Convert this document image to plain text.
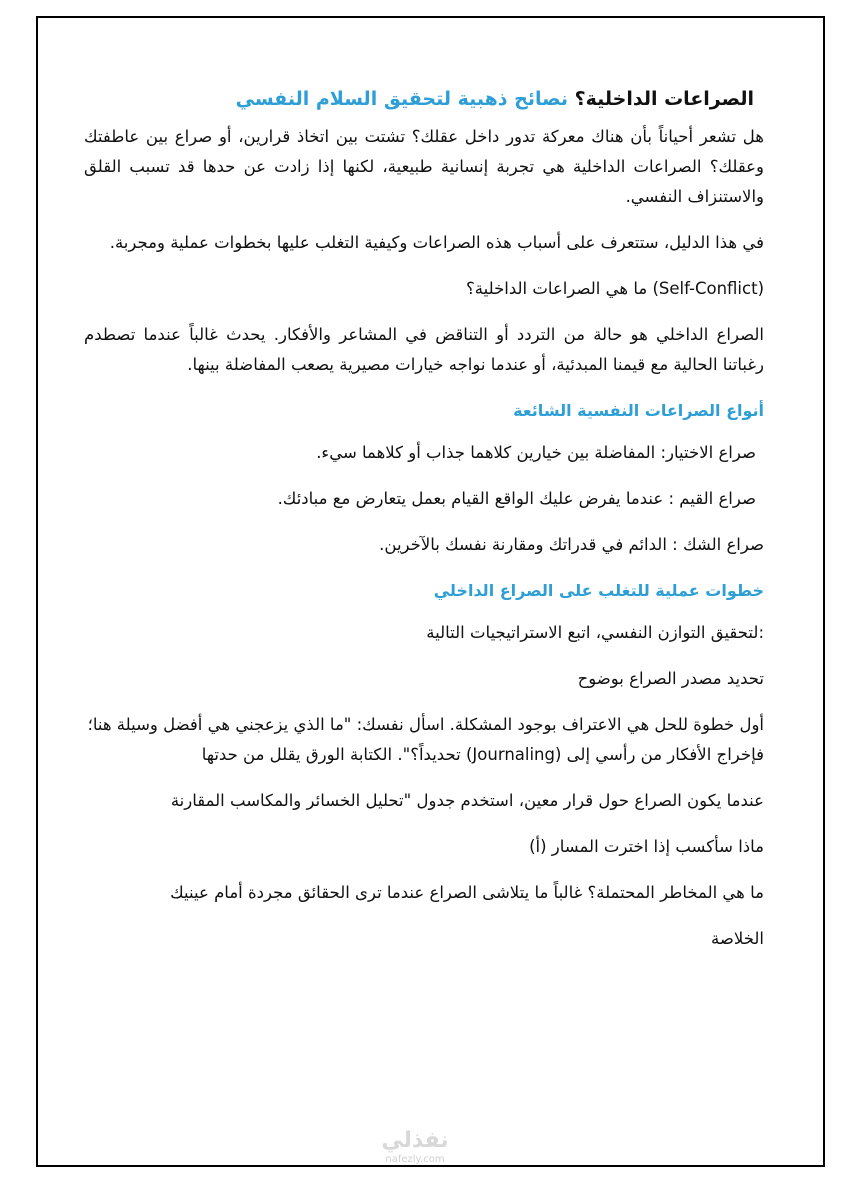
الصراعات الداخلية؟ نصائح ذهبية لتحقيق السلام النفسي

هل تشعر أحياناً بأن هناك معركة تدور داخل عقلك؟ تشتت بين اتخاذ قرارين، أو صراع بين عاطفتك وعقلك؟ الصراعات الداخلية هي تجربة إنسانية طبيعية، لكنها إذا زادت عن حدها قد تسبب القلق والاستنزاف النفسي.

في هذا الدليل، ستتعرف على أسباب هذه الصراعات وكيفية التغلب عليها بخطوات عملية ومجربة.

(Self-Conflict) ما هي الصراعات الداخلية؟

الصراع الداخلي هو حالة من التردد أو التناقض في المشاعر والأفكار. يحدث غالباً عندما تصطدم رغباتنا الحالية مع قيمنا المبدئية، أو عندما نواجه خيارات مصيرية يصعب المفاضلة بينها.

أنواع الصراعات النفسية الشائعة

صراع الاختيار: المفاضلة بين خيارين كلاهما جذاب أو كلاهما سيء.

صراع القيم : عندما يفرض عليك الواقع القيام بعمل يتعارض مع مبادئك.

صراع الشك : الدائم في قدراتك ومقارنة نفسك بالآخرين.

خطوات عملية للتغلب على الصراع الداخلي

:لتحقيق التوازن النفسي، اتبع الاستراتيجيات التالية

تحديد مصدر الصراع بوضوح

أول خطوة للحل هي الاعتراف بوجود المشكلة. اسأل نفسك: "ما الذي يزعجني هي أفضل وسيلة هنا؛ فإخراج الأفكار من رأسي إلى (Journaling) تحديداً؟". الكتابة الورق يقلل من حدتها

عندما يكون الصراع حول قرار معين، استخدم جدول "تحليل الخسائر والمكاسب المقارنة

ماذا سأكسب إذا اخترت المسار (أ)

ما هي المخاطر المحتملة؟ غالباً ما يتلاشى الصراع عندما ترى الحقائق مجردة أمام عينيك

الخلاصة

نفذلي
nafezly.com
